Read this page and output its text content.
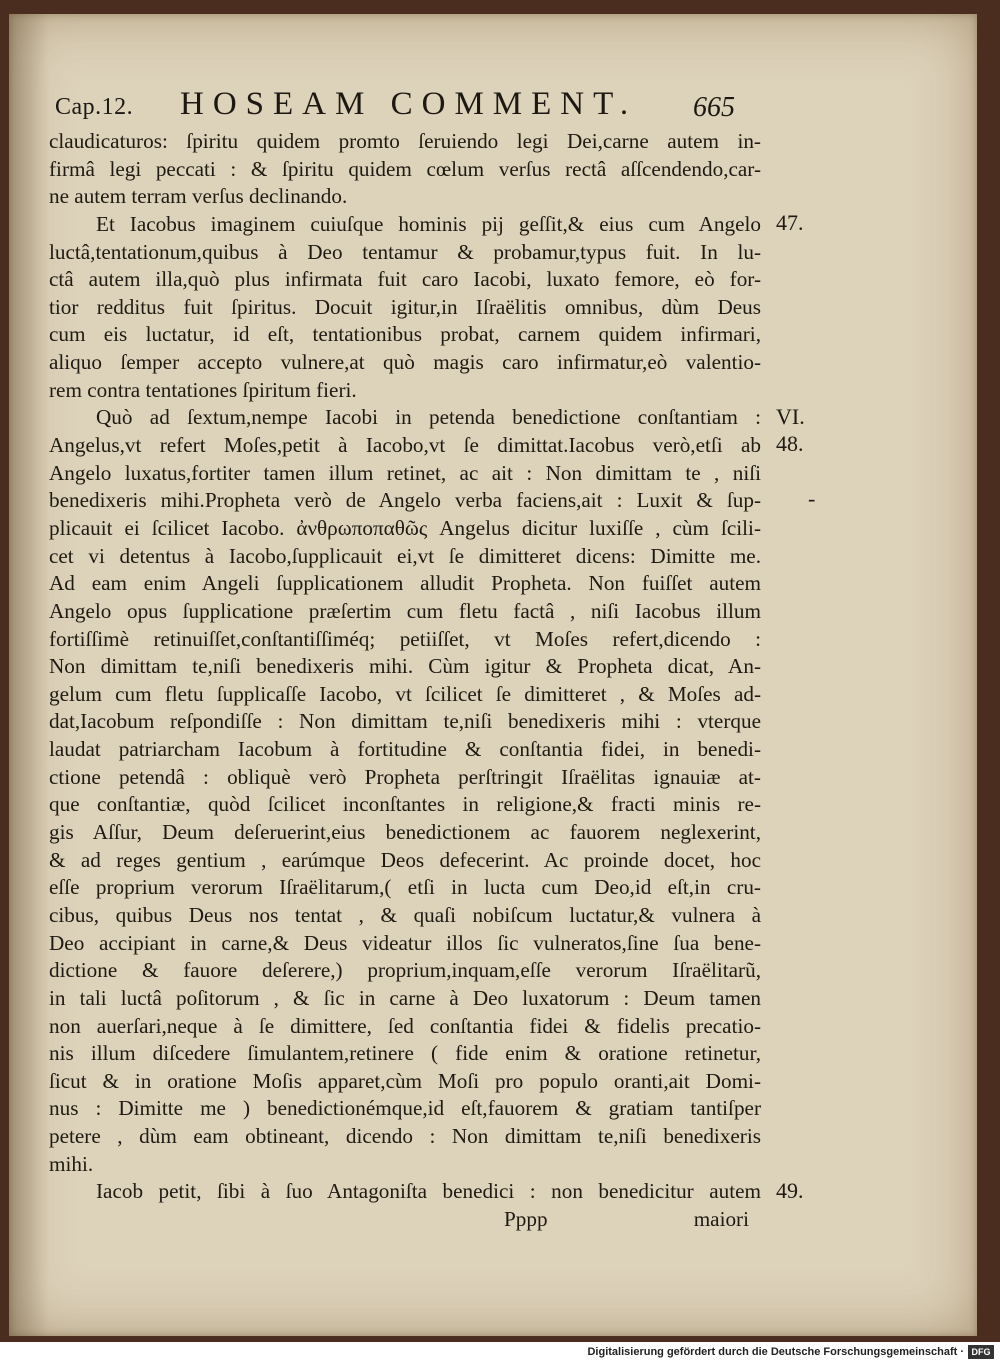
Cap.12. HOSEAM COMMENT. 665
claudicaturos: ſpiritu quidem promto ſeruiendo legi Dei,carne autem in-
firmâ legi peccati : & ſpiritu quidem cœlum verſus rectâ aſſcendendo,car-
ne autem terram verſus declinando.
Et Iacobus imaginem cuiuſque hominis pij geſſit,& eius cum Angelo
luctâ,tentationum,quibus à Deo tentamur & probamur,typus fuit. In lu-
ctâ autem illa,quò plus infirmata fuit caro Iacobi, luxato femore, eò for-
tior redditus fuit ſpiritus. Docuit igitur,in Iſraëlitis omnibus, dùm Deus
cum eis luctatur, id eſt, tentationibus probat, carnem quidem infirmari,
aliquo ſemper accepto vulnere,at quò magis caro infirmatur,eò valentio-
rem contra tentationes ſpiritum fieri.
Quò ad ſextum,nempe Iacobi in petenda benedictione conſtantiam :
Angelus,vt refert Moſes,petit à Iacobo,vt ſe dimittat.Iacobus verò,etſi ab
Angelo luxatus,fortiter tamen illum retinet, ac ait : Non dimittam te , niſi
benedixeris mihi.Propheta verò de Angelo verba faciens,ait : Luxit & ſup-
plicauit ei ſcilicet Iacobo. ἀνθρωποπαθῶς Angelus dicitur luxiſſe , cùm ſcili-
cet vi detentus à Iacobo,ſupplicauit ei,vt ſe dimitteret dicens: Dimitte me.
Ad eam enim Angeli ſupplicationem alludit Propheta. Non fuiſſet autem
Angelo opus ſupplicatione præſertim cum fletu factâ , niſi Iacobus illum
fortiſſimè retinuiſſet,conſtantiſſiméq; petiiſſet, vt Moſes refert,dicendo :
Non dimittam te,niſi benedixeris mihi. Cùm igitur & Propheta dicat, An-
gelum cum fletu ſupplicaſſe Iacobo, vt ſcilicet ſe dimitteret , & Moſes ad-
dat,Iacobum reſpondiſſe : Non dimittam te,niſi benedixeris mihi : vterque
laudat patriarcham Iacobum à fortitudine & conſtantia fidei, in benedi-
ctione petendâ : obliquè verò Propheta perſtringit Iſraëlitas ignauiæ at-
que conſtantiæ, quòd ſcilicet inconſtantes in religione,& fracti minis re-
gis Aſſur, Deum deſeruerint,eius benedictionem ac fauorem neglexerint,
& ad reges gentium , earúmque Deos defecerint. Ac proinde docet, hoc
eſſe proprium verorum Iſraëlitarum,( etſi in lucta cum Deo,id eſt,in cru-
cibus, quibus Deus nos tentat , & quaſi nobiſcum luctatur,& vulnera à
Deo accipiant in carne,& Deus videatur illos ſic vulneratos,ſine ſua bene-
dictione & fauore deſerere,) proprium,inquam,eſſe verorum Iſraëlitarũ,
in tali luctâ poſitorum , & ſic in carne à Deo luxatorum : Deum tamen
non auerſari,neque à ſe dimittere, ſed conſtantia fidei & fidelis precatio-
nis illum diſcedere ſimulantem,retinere ( fide enim & oratione retinetur,
ſicut & in oratione Moſis apparet,cùm Moſi pro populo oranti,ait Domi-
nus : Dimitte me ) benedictionémque,id eſt,fauorem & gratiam tantiſper
petere , dùm eam obtineant, dicendo : Non dimittam te,niſi benedixeris
mihi.
Iacob petit, ſibi à ſuo Antagoniſta benedici : non benedicitur autem
Pppp	maiori
47.
VI.
48.
-
49.
Digitalisierung gefördert durch die Deutsche Forschungsgemeinschaft · DFG
